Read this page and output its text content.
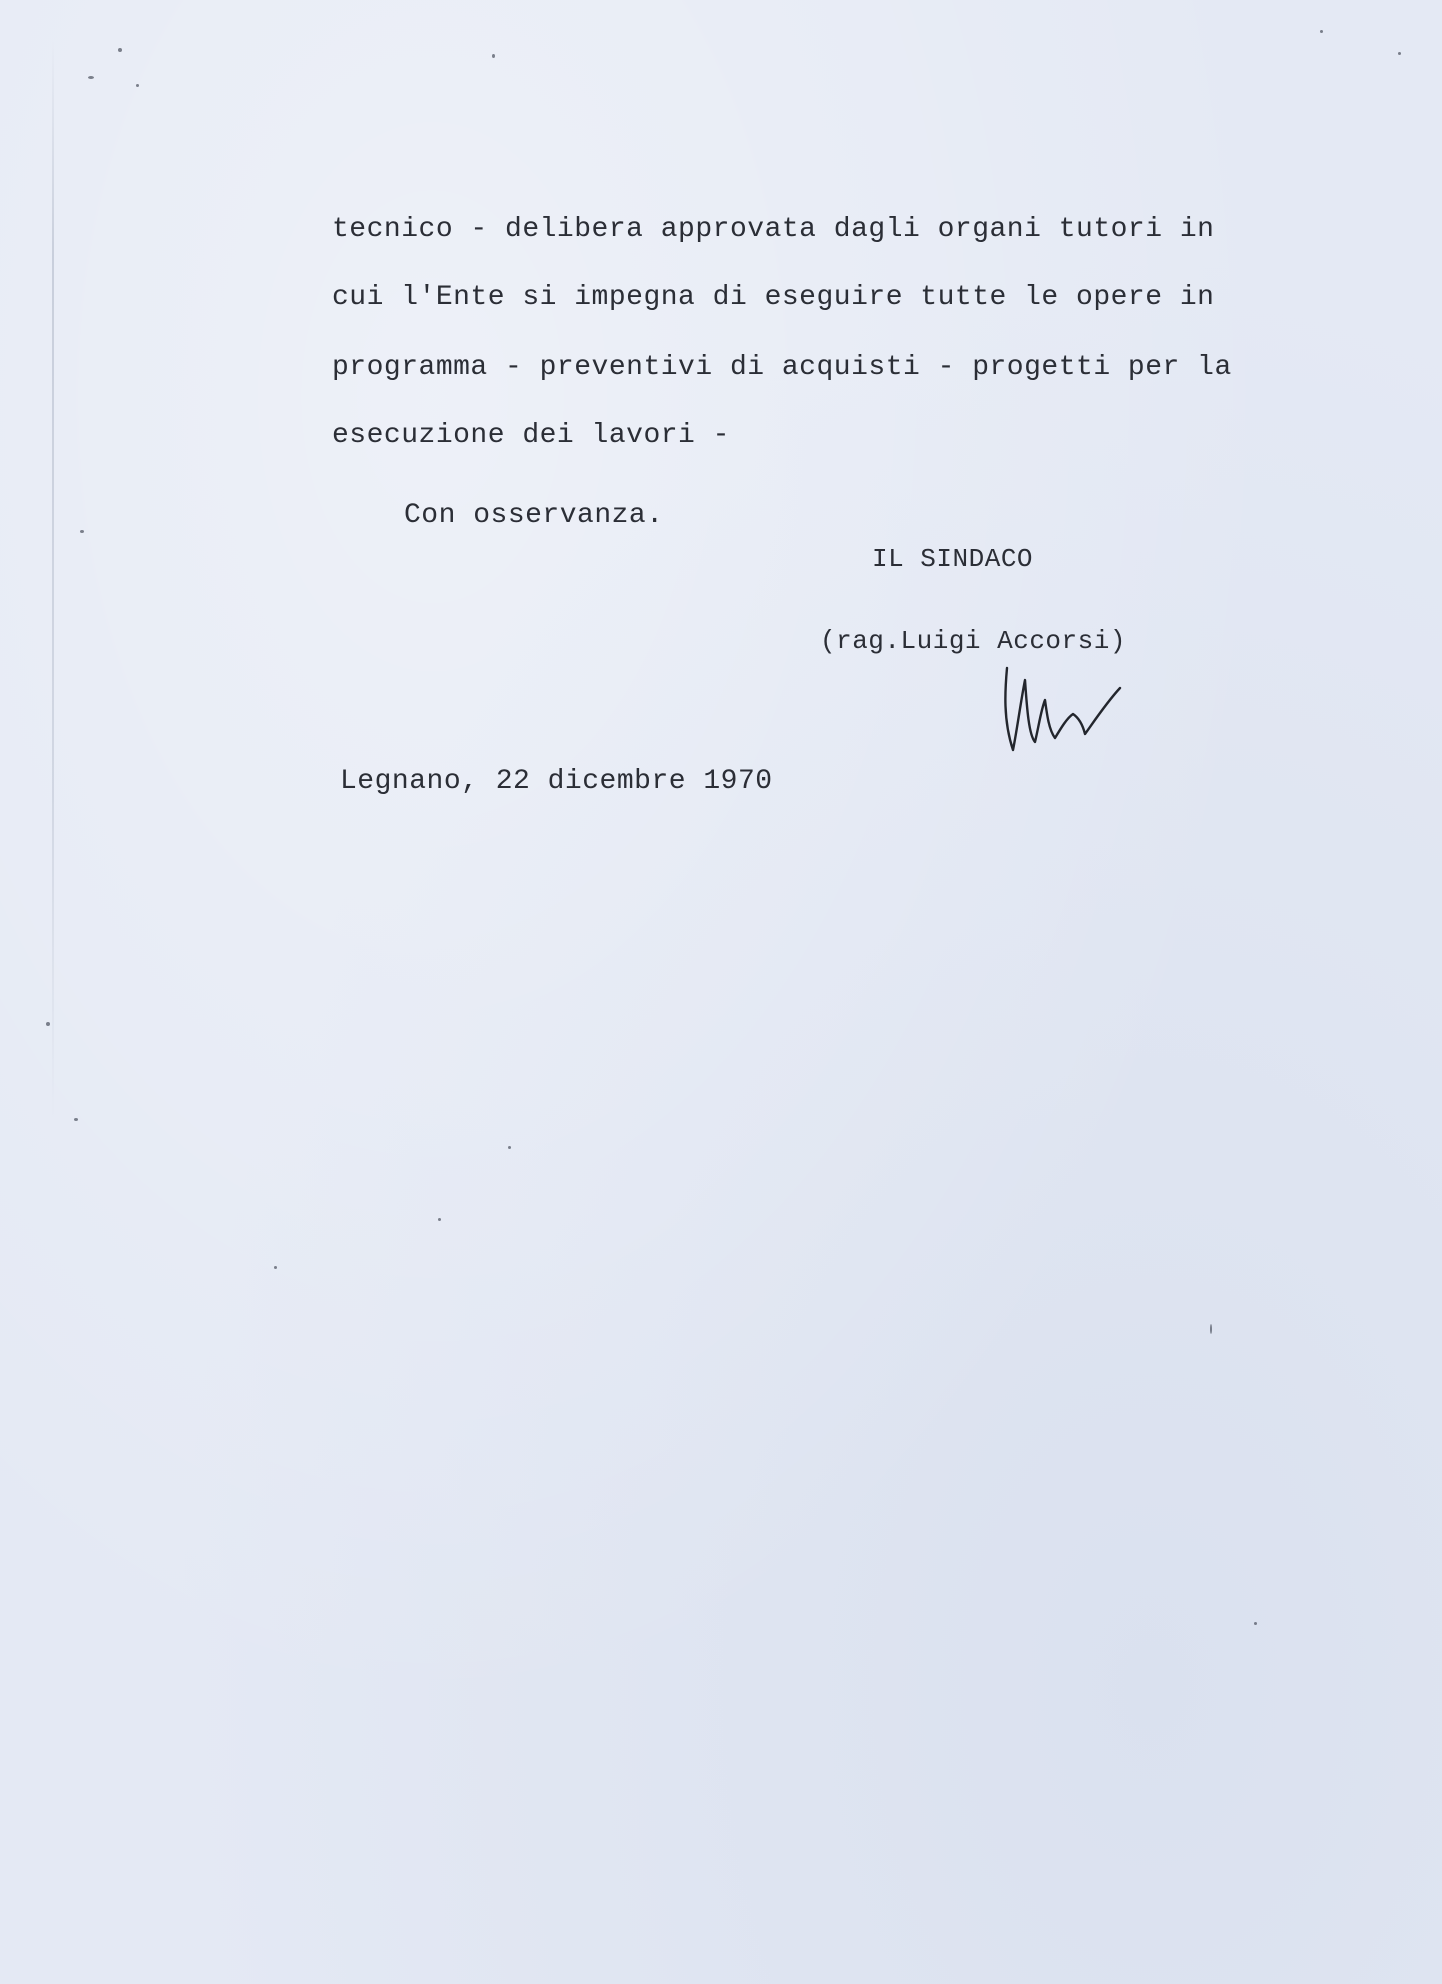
tecnico - delibera approvata dagli organi tutori in
cui l'Ente si impegna di eseguire tutte le opere in
programma - preventivi di acquisti - progetti per la
esecuzione dei lavori -
Con osservanza.
IL SINDACO
(rag.Luigi Accorsi)
Legnano, 22 dicembre 1970
